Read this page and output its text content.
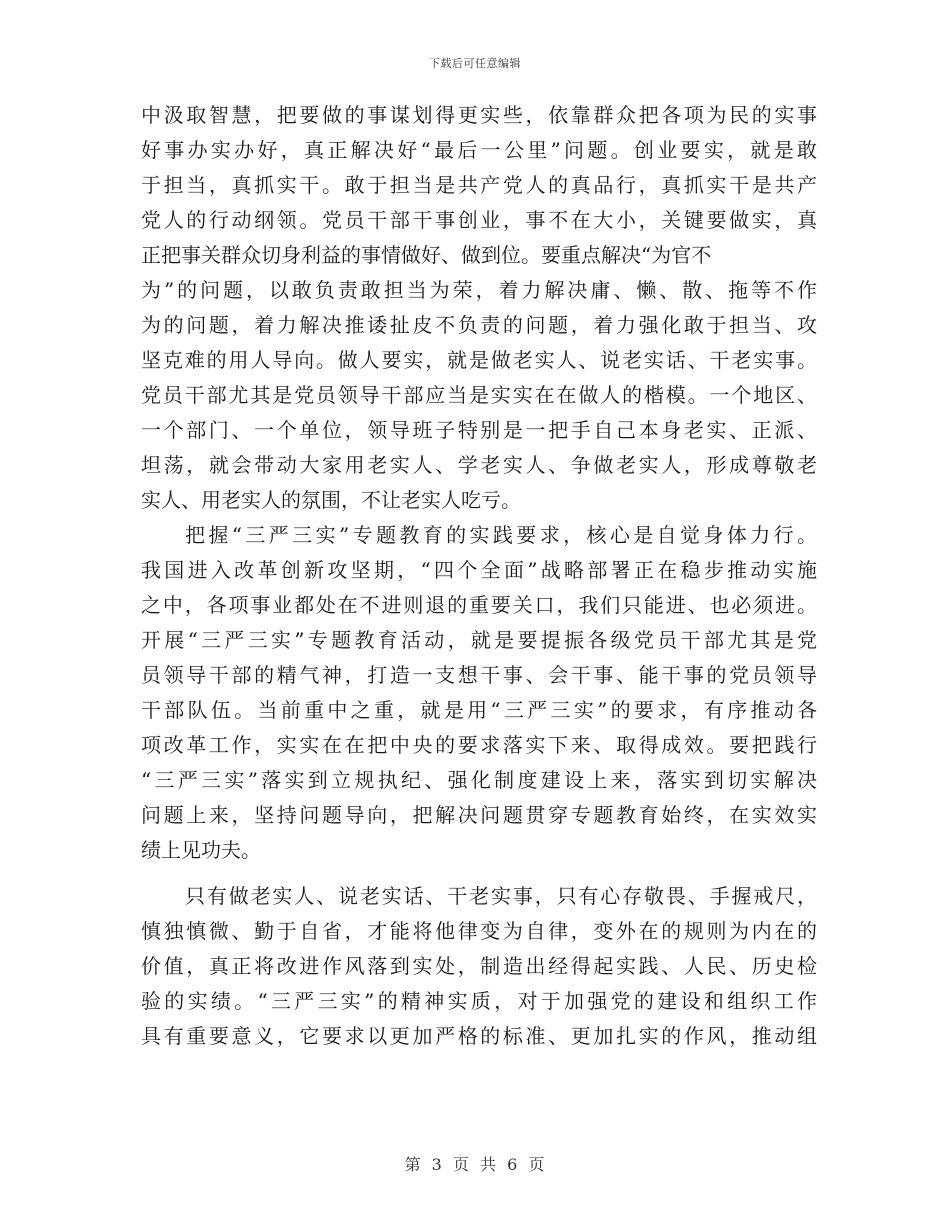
下载后可任意编辑
中汲取智慧，把要做的事谋划得更实些，依靠群众把各项为民的实事
好事办实办好，真正解决好“最后一公里”问题。创业要实，就是敢
于担当，真抓实干。敢于担当是共产党人的真品行，真抓实干是共产
党人的行动纲领。党员干部干事创业，事不在大小，关键要做实，真
正把事关群众切身利益的事情做好、做到位。要重点解决“为官不
为”的问题，以敢负责敢担当为荣，着力解决庸、懒、散、拖等不作
为的问题，着力解决推诿扯皮不负责的问题，着力强化敢于担当、攻
坚克难的用人导向。做人要实，就是做老实人、说老实话、干老实事。
党员干部尤其是党员领导干部应当是实实在在做人的楷模。一个地区、
一个部门、一个单位，领导班子特别是一把手自己本身老实、正派、
坦荡，就会带动大家用老实人、学老实人、争做老实人，形成尊敬老
实人、用老实人的氛围，不让老实人吃亏。
把握“三严三实”专题教育的实践要求，核心是自觉身体力行。
我国进入改革创新攻坚期，“四个全面”战略部署正在稳步推动实施
之中，各项事业都处在不进则退的重要关口，我们只能进、也必须进。
开展“三严三实”专题教育活动，就是要提振各级党员干部尤其是党
员领导干部的精气神，打造一支想干事、会干事、能干事的党员领导
干部队伍。当前重中之重，就是用“三严三实”的要求，有序推动各
项改革工作，实实在在把中央的要求落实下来、取得成效。要把践行
“三严三实”落实到立规执纪、强化制度建设上来，落实到切实解决
问题上来，坚持问题导向，把解决问题贯穿专题教育始终，在实效实
绩上见功夫。
只有做老实人、说老实话、干老实事，只有心存敬畏、手握戒尺，
慎独慎微、勤于自省，才能将他律变为自律，变外在的规则为内在的
价值，真正将改进作风落到实处，制造出经得起实践、人民、历史检
验的实绩。“三严三实”的精神实质，对于加强党的建设和组织工作
具有重要意义，它要求以更加严格的标准、更加扎实的作风，推动组
第 3 页 共 6 页
